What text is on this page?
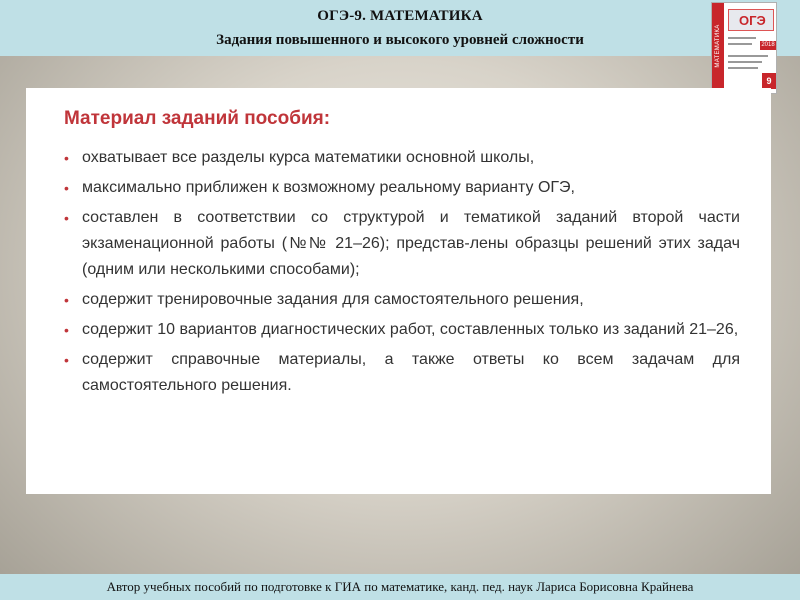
ОГЭ-9. МАТЕМАТИКА
Задания повышенного и высокого уровней сложности	МАТЕМАТИКА
ОГЭ
2018
9
Материал заданий пособия:
• охватывает все разделы курса математики основной школы,
• максимально приближен к возможному реальному варианту ОГЭ,
• составлен в соответствии со структурой и тематикой заданий второй части экзаменационной работы (№№ 21–26); представ-лены образцы решений этих задач (одним или несколькими способами);
• содержит тренировочные задания для самостоятельного решения,
• содержит 10 вариантов диагностических работ, составленных только из заданий 21–26,
• содержит справочные материалы, а также ответы ко всем задачам для самостоятельного решения.
Автор учебных пособий по подготовке к ГИА по математике, канд. пед. наук Лариса Борисовна Крайнева
